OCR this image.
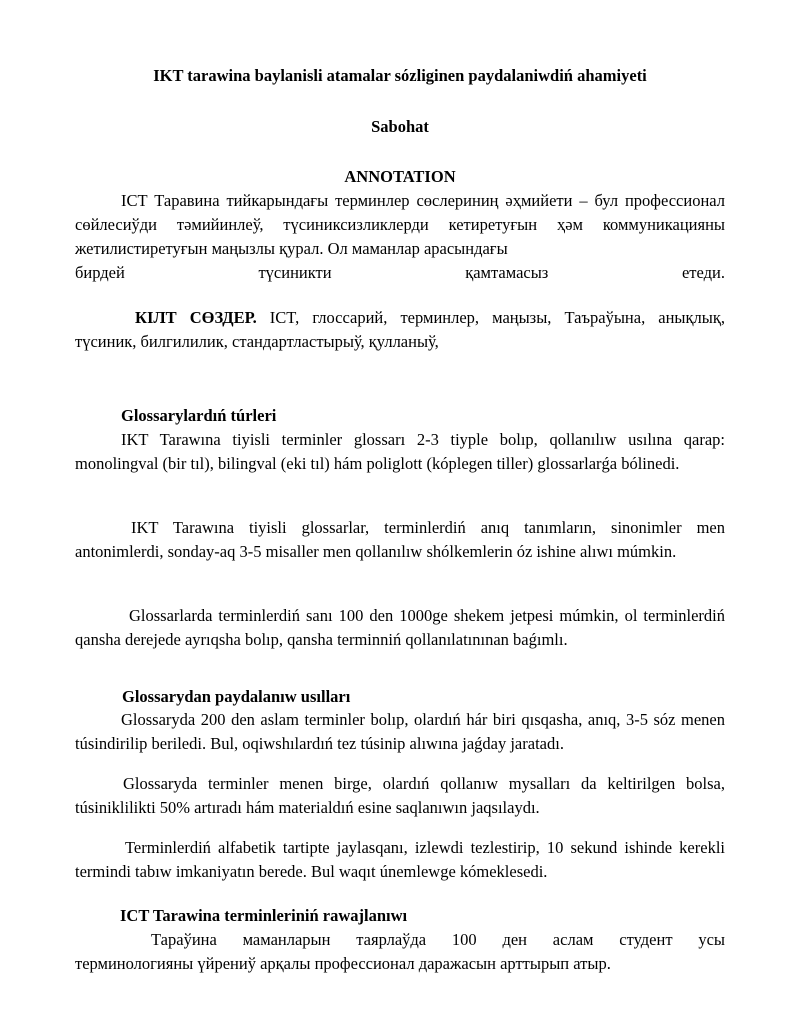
IKT tarawina baylanisli atamalar sózliginen paydalaniwdiń ahamiyeti

Sabohat

ANNOTATION

ICT Таравина тийкарындағы терминлер сөслериниң әҳмийети – бул профессионал сөйлесиўди тәмийинлеў, түсиниксизликлерди кетиретуғын ҳәм коммуникацияны жетилистиретуғын маңызлы қурал. Ол маманлар арасындағы

бирдей	түсиникти	қамтамасыз	етеди.

КІЛТ СӨЗДЕР. ICT, глоссарий, терминлер, маңызы, Таъраўына, анықлық, түсиник, билгилилик, стандартластырыў, қулланыў,

Glossarylardıń túrleri

IKT Tarawına tiyisli terminler glossarı 2-3 tiyple bolıp, qollanılıw usılına qarap: monolingval (bir tıl), bilingval (eki tıl) hám poliglott (kóplegen tiller) glossarlarǵa bólinedi.

IKT Tarawına tiyisli glossarlar, terminlerdiń anıq tanımların, sinonimler men antonimlerdi, sonday-aq 3-5 misaller men qollanılıw shólkemlerin óz ishine alıwı múmkin.

Glossarlarda terminlerdiń sanı 100 den 1000ge shekem jetpesi múmkin, ol terminlerdiń qansha derejede ayrıqsha bolıp, qansha terminniń qollanılatınınan baǵımlı.

Glossarydan paydalanıw usılları

Glossaryda 200 den aslam terminler bolıp, olardıń hár biri qısqasha, anıq, 3-5 sóz menen túsindirilip beriledi. Bul, oqiwshılardıń tez túsinip alıwına jaǵday jaratadı.

Glossaryda terminler menen birge, olardıń qollanıw mysalları da keltirilgen bolsa, túsiniklilikti 50% artıradı hám materialdıń esine saqlanıwın jaqsılaydı.

Terminlerdiń alfabetik tartipte jaylasqanı, izlewdi tezlestirip, 10 sekund ishinde kerekli termindi tabıw imkaniyatın berede. Bul waqıt únemlewge kómeklesedi.

ICT Tarawina terminleriniń rawajlanıwı

Тараўина маманларын таярлаўда 100 ден аслам студент усы

терминологияны үйрениў арқалы профессионал даражасын арттырып атыр.
